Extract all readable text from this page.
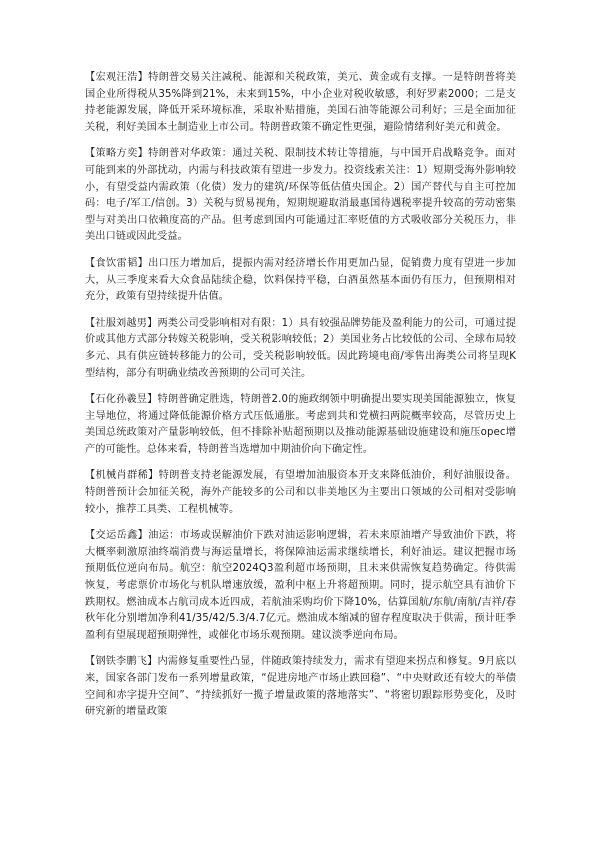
【宏观汪浩】特朗普交易关注减税、能源和关税政策，美元、黄金或有支撑。一是特朗普将美国企业所得税从35%降到21%，未来到15%，中小企业对税收敏感，利好罗素2000；二是支持老能源发展，降低开采环境标准，采取补贴措施，美国石油等能源公司利好；三是全面加征关税，利好美国本土制造业上市公司。特朗普政策不确定性更强，避险情绪利好美元和黄金。

【策略方奕】特朗普对华政策：通过关税、限制技术转让等措施，与中国开启战略竞争。面对可能到来的外部扰动，内需与科技政策有望进一步发力。投资线索关注：1）短期受海外影响较小，有望受益内需政策（化债）发力的建筑/环保等低估值央国企。2）国产替代与自主可控加码：电子/军工/信创。3）关税与贸易视角，短期规避取消最惠国待遇税率提升较高的劳动密集型与对美出口依赖度高的产品。但考虑到国内可能通过汇率贬值的方式吸收部分关税压力，非美出口链或因此受益。

【食饮雷韬】出口压力增加后，提振内需对经济增长作用更加凸显，促销费力度有望进一步加大，从三季度来看大众食品陆续企稳，饮料保持平稳，白酒虽然基本面仍有压力，但预期相对充分，政策有望持续提升估值。

【社服刘越男】两类公司受影响相对有限：1）具有较强品牌势能及盈利能力的公司，可通过提价或其他方式部分转嫁关税影响，受关税影响较低；2）美国业务占比较低的公司、全球布局较多元、具有供应链转移能力的公司，受关税影响较低。因此跨境电商/零售出海类公司将呈现K型结构，部分有明确业绩改善预期的公司可关注。

【石化孙羲昱】特朗普确定胜选，特朗普2.0的施政纲领中明确提出要实现美国能源独立，恢复主导地位，将通过降低能源价格方式压低通胀。考虑到共和党横扫两院概率较高，尽管历史上美国总统政策对产量影响较低，但不排除补贴超预期以及推动能源基础设施建设和施压opec增产的可能性。总体来看，特朗普当选增加中期油价向下确定性。

【机械肖群稀】特朗普支持老能源发展，有望增加油服资本开支来降低油价，利好油服设备。特朗普预计会加征关税，海外产能较多的公司和以非美地区为主要出口领域的公司相对受影响较小，推荐工具类、工程机械等。

【交运岳鑫】油运：市场或误解油价下跌对油运影响逻辑，若未来原油增产导致油价下跌，将大概率刺激原油终端消费与海运量增长，将保障油运需求继续增长，利好油运。建议把握市场预期低位逆向布局。航空：航空2024Q3盈利超市场预期，且未来供需恢复趋势确定。待供需恢复，考虑票价市场化与机队增速放缓，盈利中枢上升将超预期。同时，提示航空具有油价下跌期权。燃油成本占航司成本近四成，若航油采购均价下降10%，估算国航/东航/南航/吉祥/春秋年化分别增加净利41/35/42/5.3/4.7亿元。燃油成本缩减的留存程度取决于供需，预计旺季盈利有望展现超预期弹性，或催化市场乐观预期。建议淡季逆向布局。

【钢铁李鹏飞】内需修复重要性凸显，伴随政策持续发力，需求有望迎来拐点和修复。9月底以来，国家各部门发布一系列增量政策，“促进房地产市场止跌回稳”、“中央财政还有较大的举债空间和赤字提升空间”、“持续抓好一揽子增量政策的落地落实”、“将密切跟踪形势变化，及时研究新的增量政策
